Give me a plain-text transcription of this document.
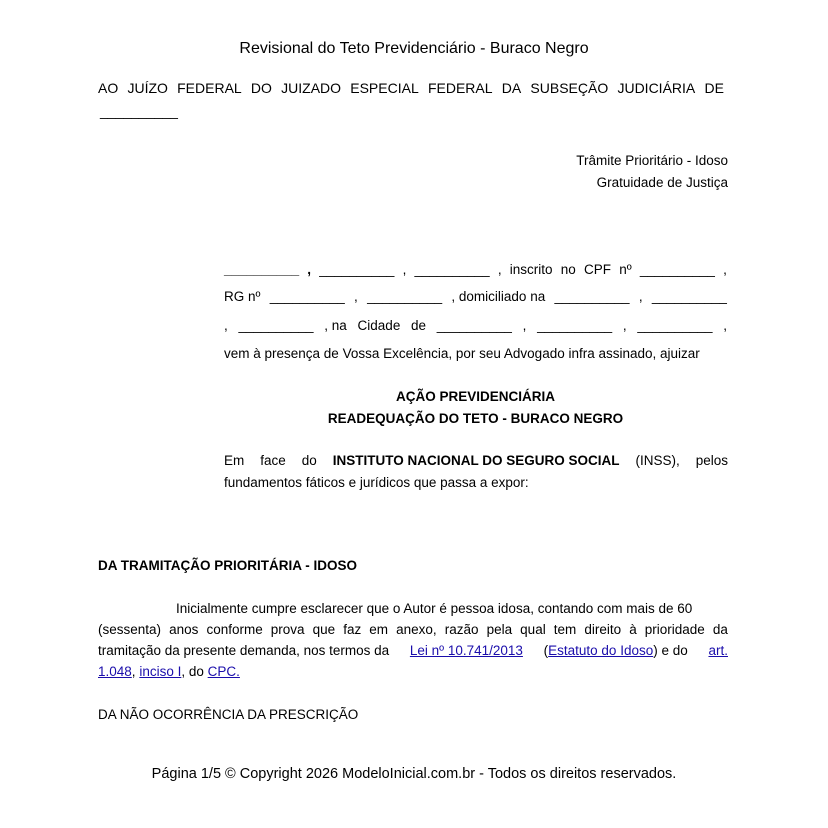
Revisional do Teto Previdenciário - Buraco Negro
AO JUÍZO FEDERAL DO JUIZADO ESPECIAL FEDERAL DA SUBSEÇÃO JUDICIÁRIA DE
__________
Trâmite Prioritário - Idoso
Gratuidade de Justiça
__________ , __________ , __________ , inscrito no CPF nº __________ ,
RG nº __________ , __________ , domiciliado na __________ , __________
, __________ , na Cidade de __________ , __________ , __________ ,
vem à presença de Vossa Excelência, por seu Advogado infra assinado, ajuizar
AÇÃO PREVIDENCIÁRIA
READEQUAÇÃO DO TETO - BURACO NEGRO
Em face do INSTITUTO NACIONAL DO SEGURO SOCIAL (INSS), pelos
fundamentos fáticos e jurídicos que passa a expor:
DA TRAMITAÇÃO PRIORITÁRIA - IDOSO
Inicialmente cumpre esclarecer que o Autor é pessoa idosa, contando com mais de 60
(sessenta) anos conforme prova que faz em anexo, razão pela qual tem direito à prioridade da
tramitação da presente demanda, nos termos da Lei nº 10.741/2013 (Estatuto do Idoso) e do art.
1.048, inciso I, do CPC.
DA NÃO OCORRÊNCIA DA PRESCRIÇÃO
Página 1/5 © Copyright 2026 ModeloInicial.com.br - Todos os direitos reservados.
